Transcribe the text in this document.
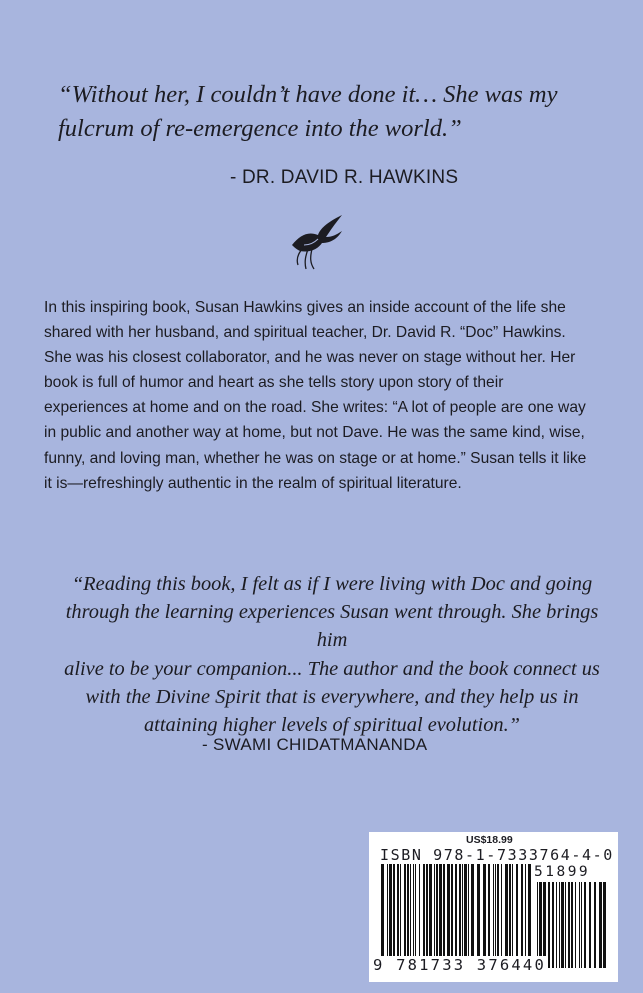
“Without her, I couldn’t have done it… She was my
fulcrum of re-emergence into the world.”
- DR. DAVID R. HAWKINS

In this inspiring book, Susan Hawkins gives an inside account of the life she

shared with her husband, and spiritual teacher, Dr. David R. “Doc” Hawkins.

She was his closest collaborator, and he was never on stage without her. Her

book is full of humor and heart as she tells story upon story of their

experiences at home and on the road. She writes: “A lot of people are one way

in public and another way at home, but not Dave. He was the same kind, wise,

funny, and loving man, whether he was on stage or at home.” Susan tells it like

it is—refreshingly authentic in the realm of spiritual literature.

“Reading this book, I felt as if I were living with Doc and going
through the learning experiences Susan went through. She brings him
alive to be your companion... The author and the book connect us
with the Divine Spirit that is everywhere, and they help us in
attaining higher levels of spiritual evolution.”
- SWAMI CHIDATMANANDA
US$18.99
ISBN 978-1-7333764-4-0
51899
9 781733 376440
